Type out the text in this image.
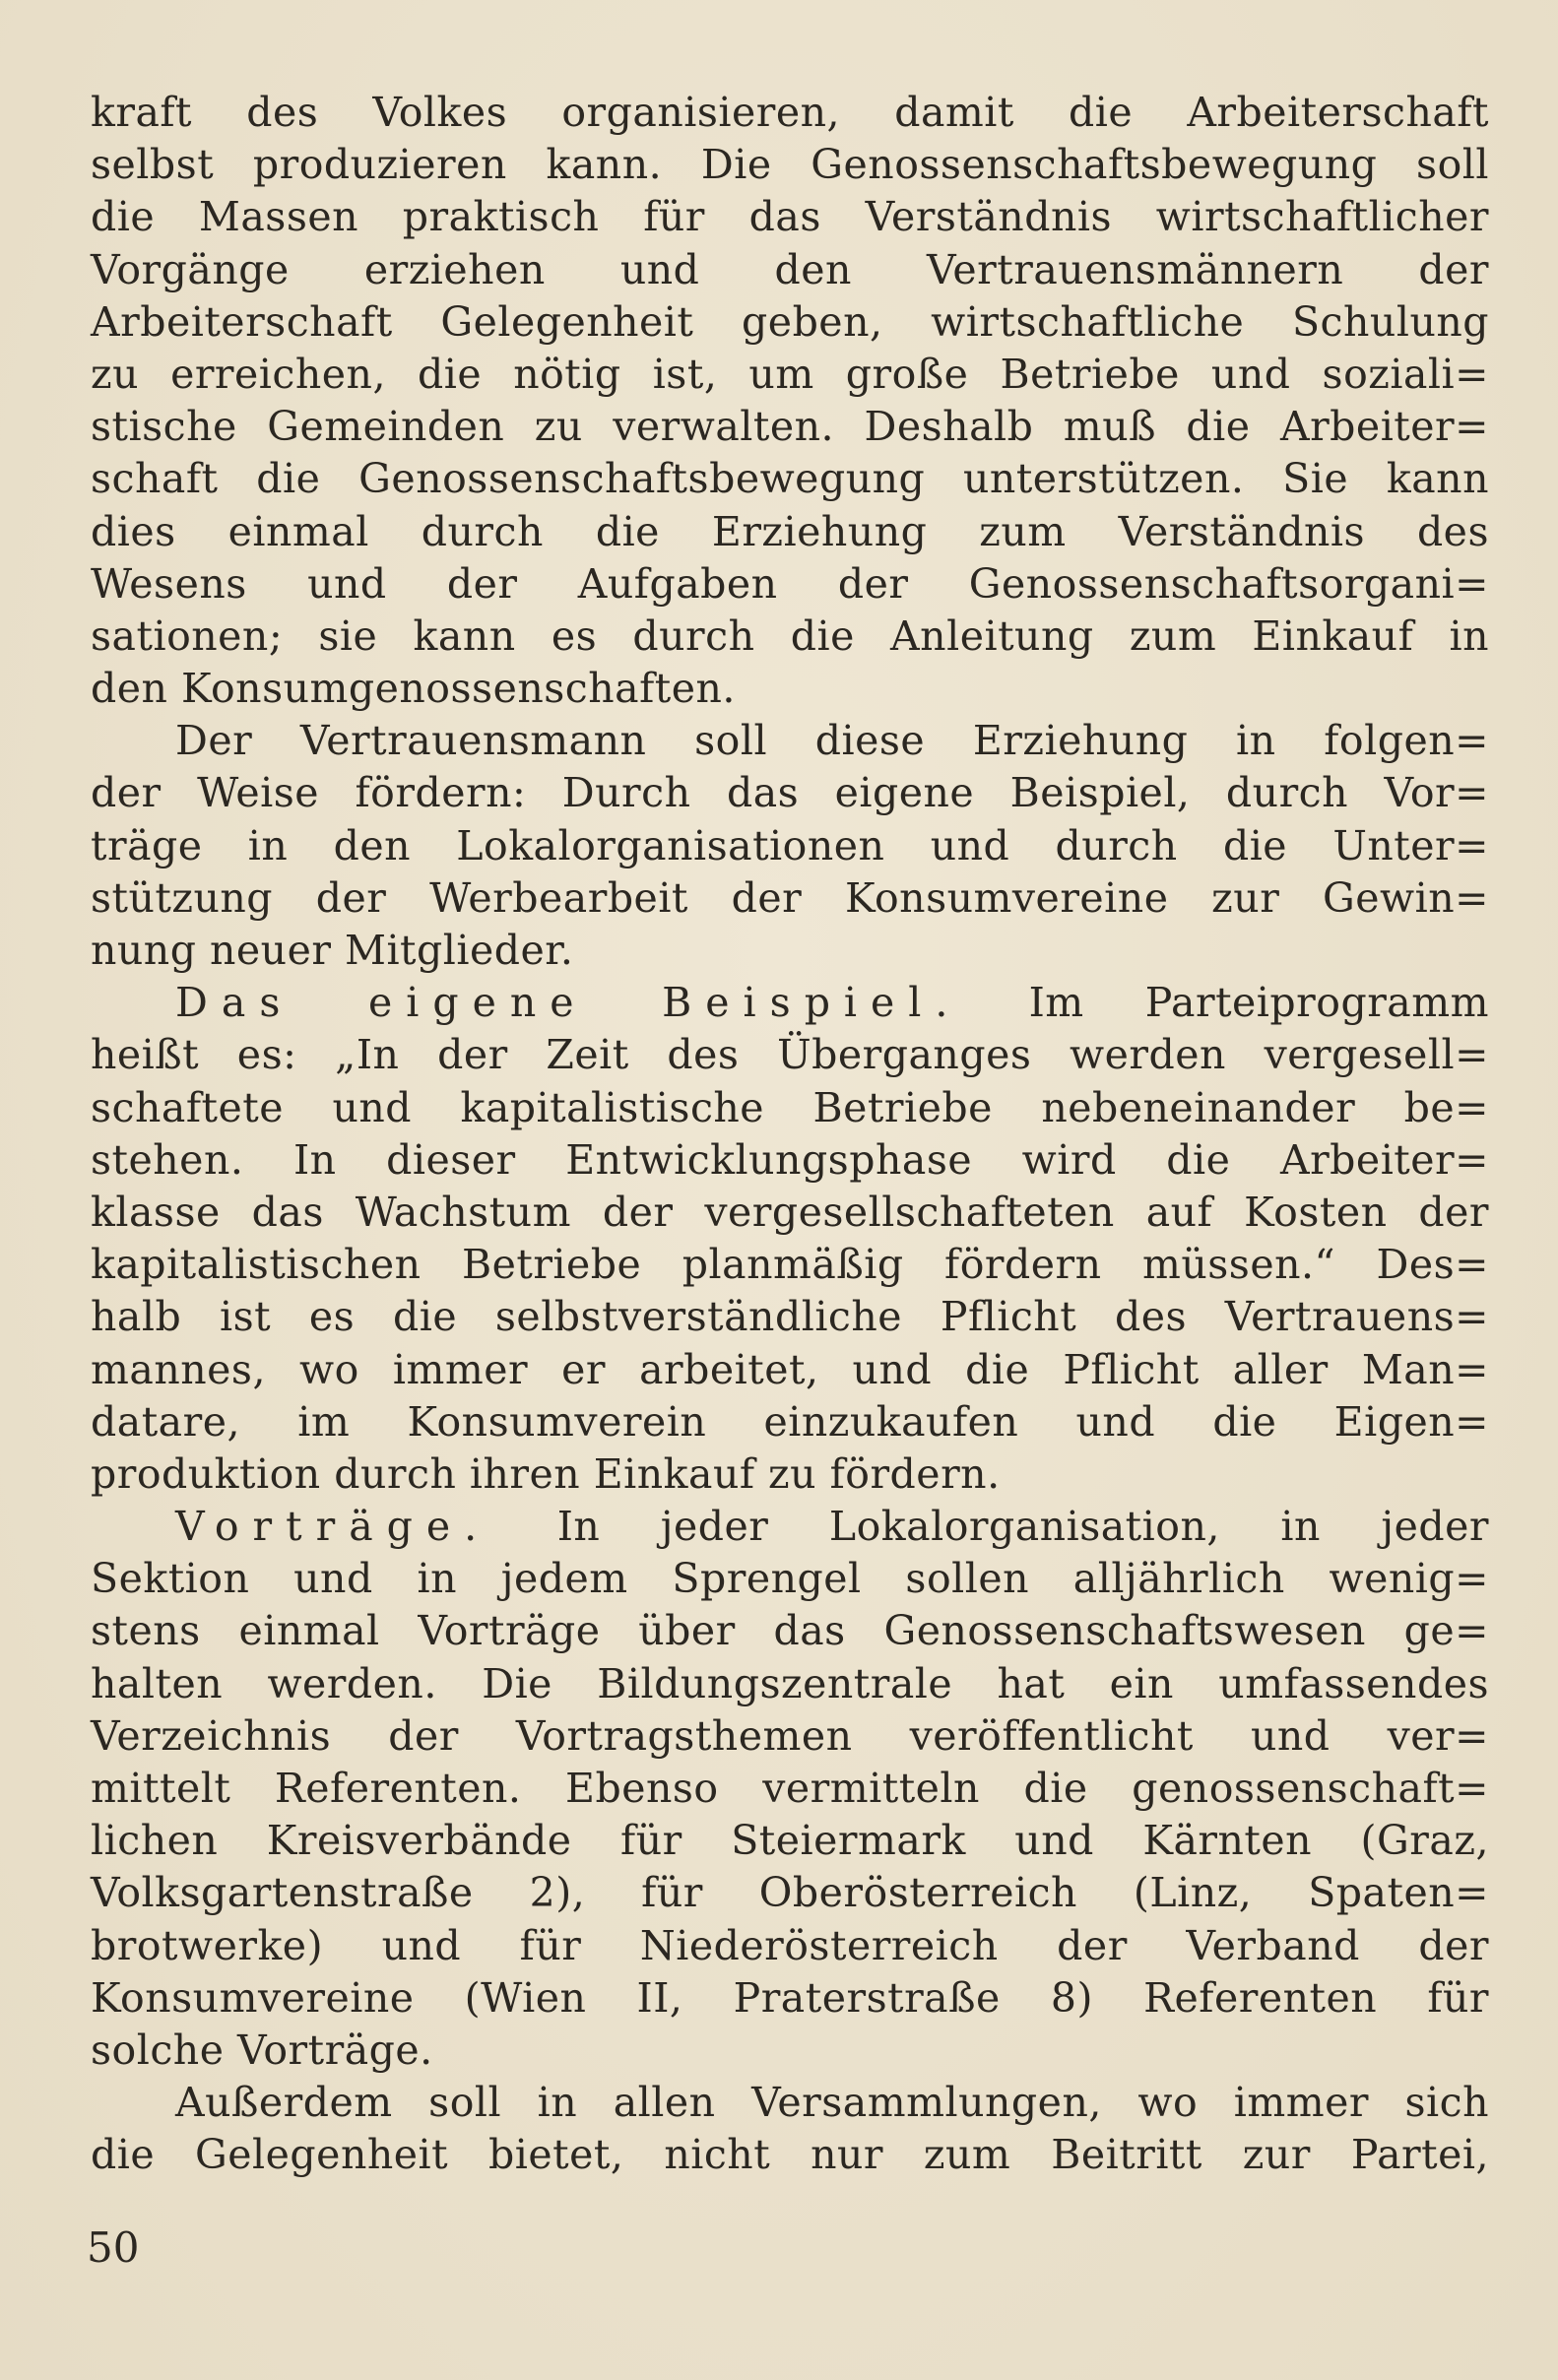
kraft des Volkes organisieren, damit die Arbeiterschaft
selbst produzieren kann. Die Genossenschaftsbewegung soll
die Massen praktisch für das Verständnis wirtschaftlicher
Vorgänge erziehen und den Vertrauensmännern der
Arbeiterschaft Gelegenheit geben, wirtschaftliche Schulung
zu erreichen, die nötig ist, um große Betriebe und soziali=
stische Gemeinden zu verwalten. Deshalb muß die Arbeiter=
schaft die Genossenschaftsbewegung unterstützen. Sie kann
dies einmal durch die Erziehung zum Verständnis des
Wesens und der Aufgaben der Genossenschaftsorgani=
sationen; sie kann es durch die Anleitung zum Einkauf in
den Konsumgenossenschaften.
Der Vertrauensmann soll diese Erziehung in folgen=
der Weise fördern: Durch das eigene Beispiel, durch Vor=
träge in den Lokalorganisationen und durch die Unter=
stützung der Werbearbeit der Konsumvereine zur Gewin=
nung neuer Mitglieder.
Das eigene Beispiel. Im Parteiprogramm
heißt es: „In der Zeit des Überganges werden vergesell=
schaftete und kapitalistische Betriebe nebeneinander be=
stehen. In dieser Entwicklungsphase wird die Arbeiter=
klasse das Wachstum der vergesellschafteten auf Kosten der
kapitalistischen Betriebe planmäßig fördern müssen.“ Des=
halb ist es die selbstverständliche Pflicht des Vertrauens=
mannes, wo immer er arbeitet, und die Pflicht aller Man=
datare, im Konsumverein einzukaufen und die Eigen=
produktion durch ihren Einkauf zu fördern.
Vorträge. In jeder Lokalorganisation, in jeder
Sektion und in jedem Sprengel sollen alljährlich wenig=
stens einmal Vorträge über das Genossenschaftswesen ge=
halten werden. Die Bildungszentrale hat ein umfassendes
Verzeichnis der Vortragsthemen veröffentlicht und ver=
mittelt Referenten. Ebenso vermitteln die genossenschaft=
lichen Kreisverbände für Steiermark und Kärnten (Graz,
Volksgartenstraße 2), für Oberösterreich (Linz, Spaten=
brotwerke) und für Niederösterreich der Verband der
Konsumvereine (Wien II, Praterstraße 8) Referenten für
solche Vorträge.
Außerdem soll in allen Versammlungen, wo immer sich
die Gelegenheit bietet, nicht nur zum Beitritt zur Partei,
50
